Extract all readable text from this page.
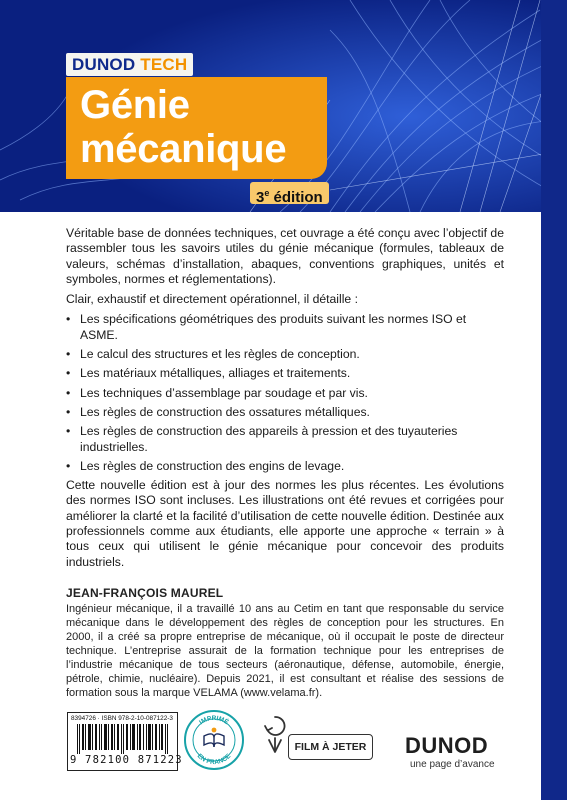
DUNOD TECH
Génie
mécanique
3e édition

Véritable base de données techniques, cet ouvrage a été conçu avec l’objectif de rassembler tous les savoirs utiles du génie mécanique (formules, tableaux de valeurs, schémas d’installation, abaques, conventions graphiques, unités et symboles, normes et réglementations).

Clair, exhaustif et directement opérationnel, il détaille :

• Les spécifications géométriques des produits suivant les normes ISO et ASME.
• Le calcul des structures et les règles de conception.
• Les matériaux métalliques, alliages et traitements.
• Les techniques d’assemblage par soudage et par vis.
• Les règles de construction des ossatures métalliques.
• Les règles de construction des appareils à pression et des tuyauteries industrielles.
• Les règles de construction des engins de levage.

Cette nouvelle édition est à jour des normes les plus récentes. Les évolutions des normes ISO sont incluses. Les illustrations ont été revues et corrigées pour améliorer la clarté et la facilité d’utilisation de cette nouvelle édition. Destinée aux professionnels comme aux étudiants, elle apporte une approche « terrain » à tous ceux qui utilisent le génie mécanique pour concevoir des produits industriels.

JEAN-FRANÇOIS MAUREL

Ingénieur mécanique, il a travaillé 10 ans au Cetim en tant que responsable du service mécanique dans le développement des règles de conception pour les structures. En 2000, il a créé sa propre entreprise de mécanique, où il occupait le poste de directeur technique. L’entreprise assurait de la formation technique pour les entreprises de l’industrie mécanique de tous secteurs (aéronautique, défense, automobile, énergie, pétrole, chimie, nucléaire). Depuis 2021, il est consultant et réalise des sessions de formation sous la marque VELAMA (www.velama.fr).

8394726 · ISBN 978-2-10-087122-3
9 782100 871223
IMPRIMÉ
EN FRANCE
FILM À JETER	DUNOD
une page d’avance
